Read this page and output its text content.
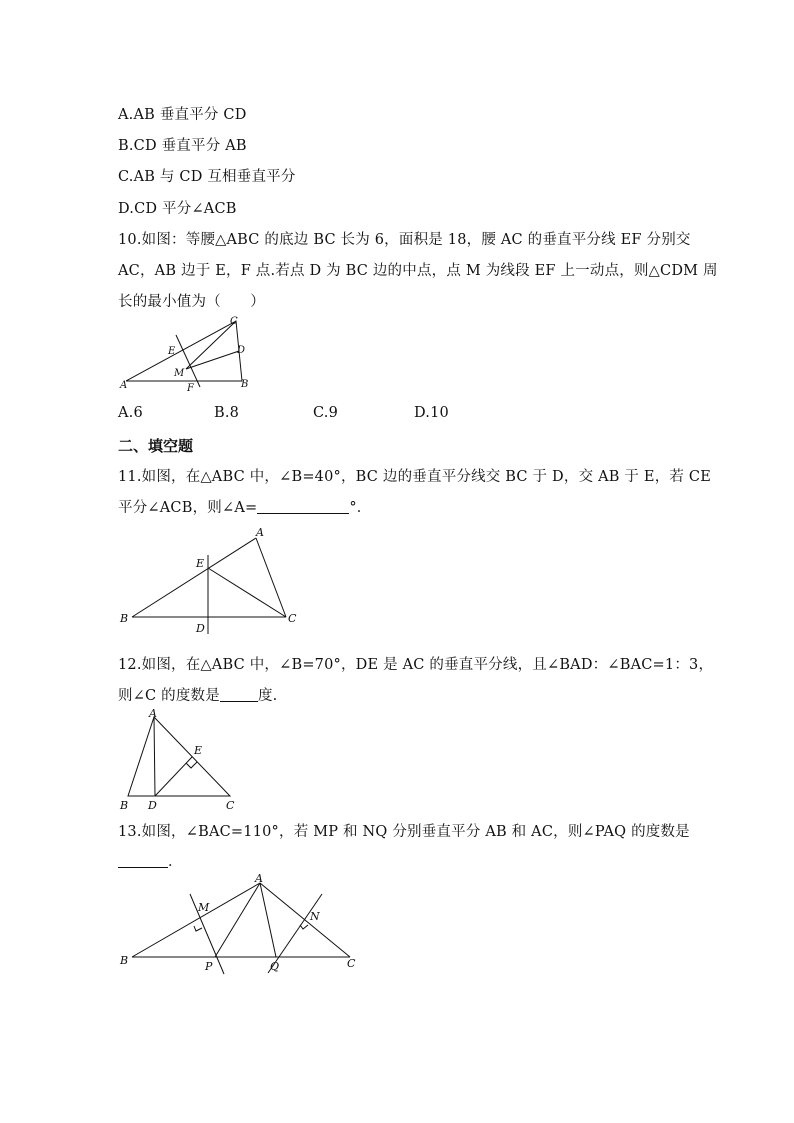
A.AB 垂直平分 CD
B.CD 垂直平分 AB
C.AB 与 CD 互相垂直平分
D.CD 平分∠ACB
10.如图：等腰△ABC 的底边 BC 长为 6，面积是 18，腰 AC 的垂直平分线 EF 分别交
AC，AB 边于 E，F 点.若点 D 为 BC 边的中点，点 M 为线段 EF 上一动点，则△CDM 周
长的最小值为（　　）
C
D
E
M
A	F	B
A.6	B.8	C.9	D.10
二、填空题
11.如图，在△ABC 中，∠B=40°，BC 边的垂直平分线交 BC 于 D，交 AB 于 E，若 CE
平分∠ACB，则∠A=	°．
A
E
B	C
D
12.如图，在△ABC 中，∠B=70°，DE 是 AC 的垂直平分线，且∠BAD：∠BAC=1：3，
则∠C 的度数是	度.
A
E
B D	C
13.如图，∠BAC=110°，若 MP 和 NQ 分别垂直平分 AB 和 AC，则∠PAQ 的度数是
．
A
M
N
B	P	Q	C
